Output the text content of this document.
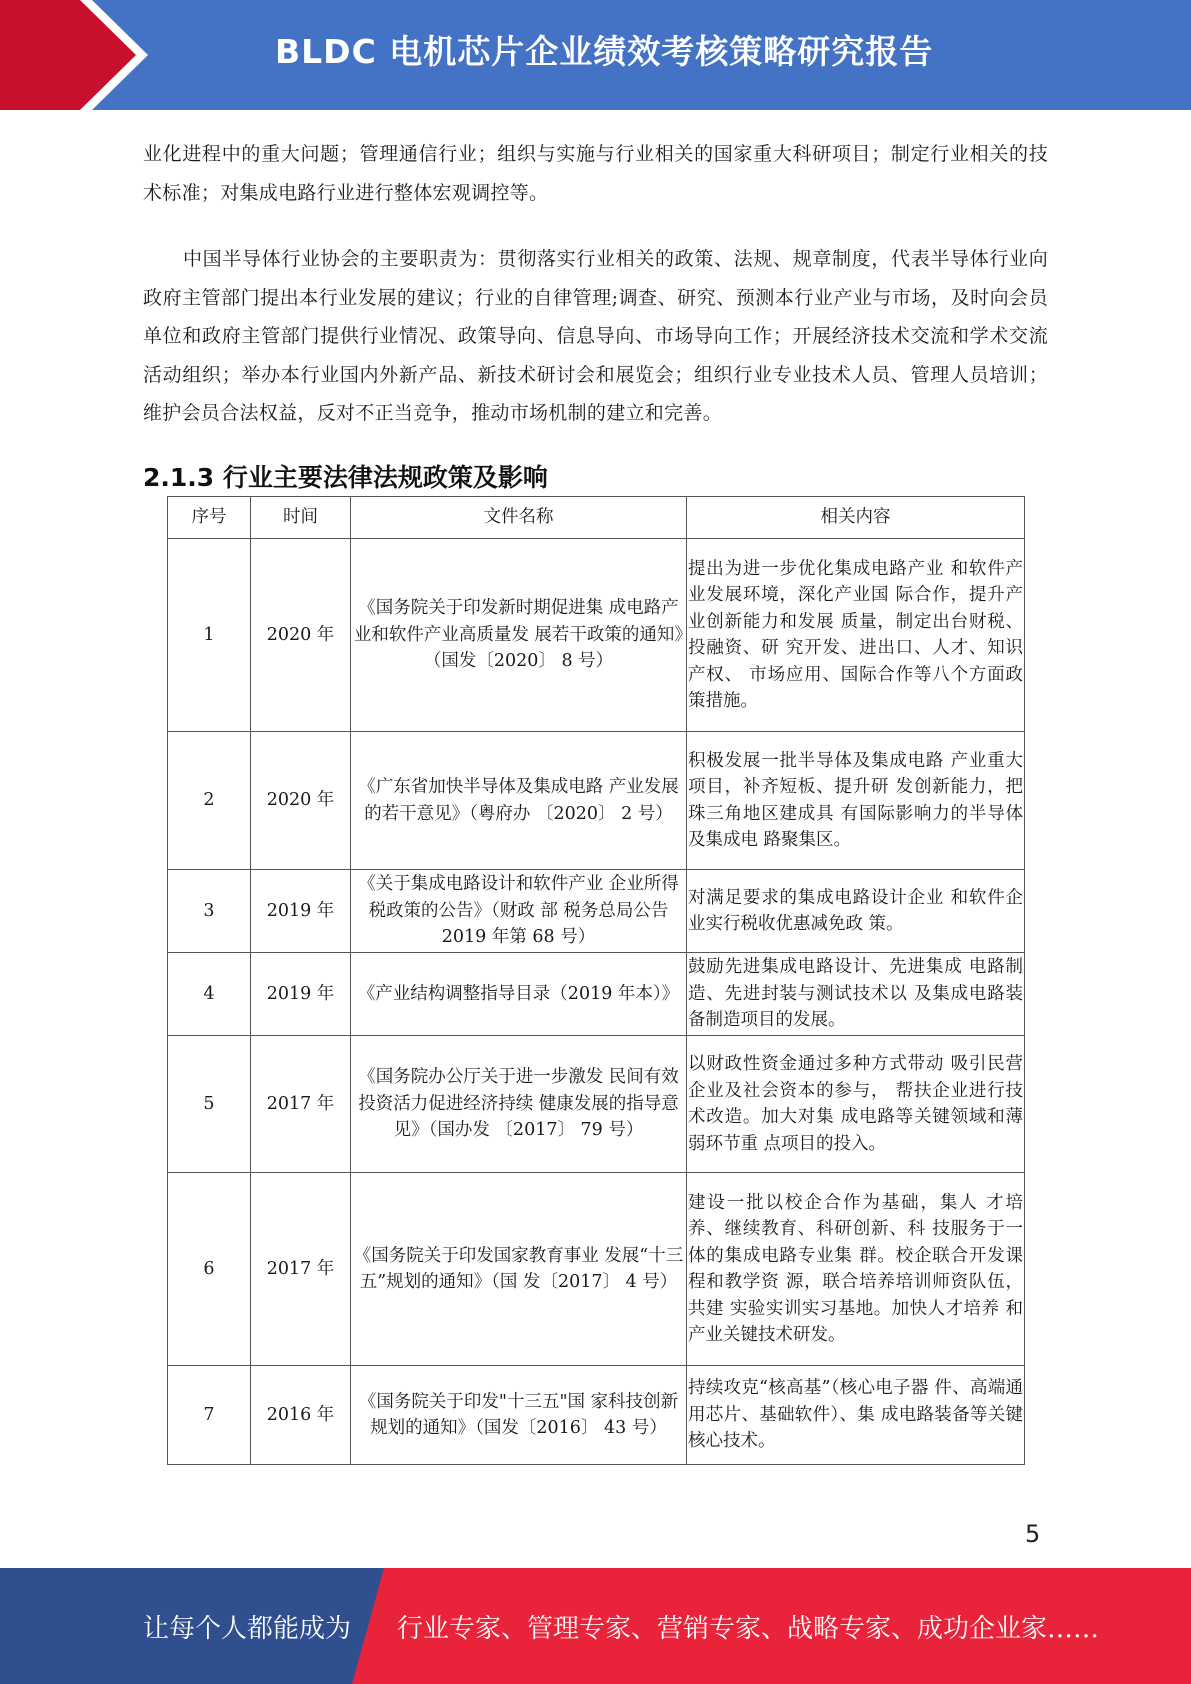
BLDC 电机芯片企业绩效考核策略研究报告

业化进程中的重大问题；管理通信行业；组织与实施与行业相关的国家重大科研项目；制定行业相关的技术标准；对集成电路行业进行整体宏观调控等。

中国半导体行业协会的主要职责为：贯彻落实行业相关的政策、法规、规章制度，代表半导体行业向政府主管部门提出本行业发展的建议；行业的自律管理;调查、研究、预测本行业产业与市场，及时向会员单位和政府主管部门提供行业情况、政策导向、信息导向、市场导向工作；开展经济技术交流和学术交流活动组织；举办本行业国内外新产品、新技术研讨会和展览会；组织行业专业技术人员、管理人员培训；维护会员合法权益，反对不正当竞争，推动市场机制的建立和完善。

2.1.3 行业主要法律法规政策及影响
序号	时间	文件名称	相关内容
1	2020 年	《国务院关于印发新时期促进集 成电路产业和软件产业高质量发 展若干政策的通知》（国发〔2020〕 8 号）	提出为进一步优化集成电路产业 和软件产业发展环境，深化产业国 际合作，提升产业创新能力和发展 质量，制定出台财税、投融资、研 究开发、进出口、人才、知识产权、 市场应用、国际合作等八个方面政 策措施。
2	2020 年	《广东省加快半导体及集成电路 产业发展的若干意见》（粤府办 〔2020〕 2 号）	积极发展一批半导体及集成电路 产业重大项目，补齐短板、提升研 发创新能力，把珠三角地区建成具 有国际影响力的半导体及集成电 路聚集区。
3	2019 年	《关于集成电路设计和软件产业 企业所得税政策的公告》（财政 部 税务总局公告 2019 年第 68 号）	对满足要求的集成电路设计企业 和软件企业实行税收优惠减免政 策。
4	2019 年	《产业结构调整指导目录（2019 年本）》	鼓励先进集成电路设计、先进集成 电路制造、先进封装与测试技术以 及集成电路装备制造项目的发展。
5	2017 年	《国务院办公厅关于进一步激发 民间有效投资活力促进经济持续 健康发展的指导意见》（国办发 〔2017〕 79 号）	以财政性资金通过多种方式带动 吸引民营企业及社会资本的参与， 帮扶企业进行技术改造。加大对集 成电路等关键领域和薄弱环节重 点项目的投入。
6	2017 年	《国务院关于印发国家教育事业 发展“十三五”规划的通知》（国 发〔2017〕 4 号）	建设一批以校企合作为基础，集人 才培养、继续教育、科研创新、科 技服务于一体的集成电路专业集 群。校企联合开发课程和教学资 源，联合培养培训师资队伍，共建 实验实训实习基地。加快人才培养 和产业关键技术研发。
7	2016 年	《国务院关于印发"十三五"国 家科技创新规划的通知》（国发〔2016〕 43 号）	持续攻克“核高基”（核心电子器 件、高端通用芯片、基础软件）、集 成电路装备等关键核心技术。
5
让每个人都能成为 行业专家、管理专家、营销专家、战略专家、成功企业家……
